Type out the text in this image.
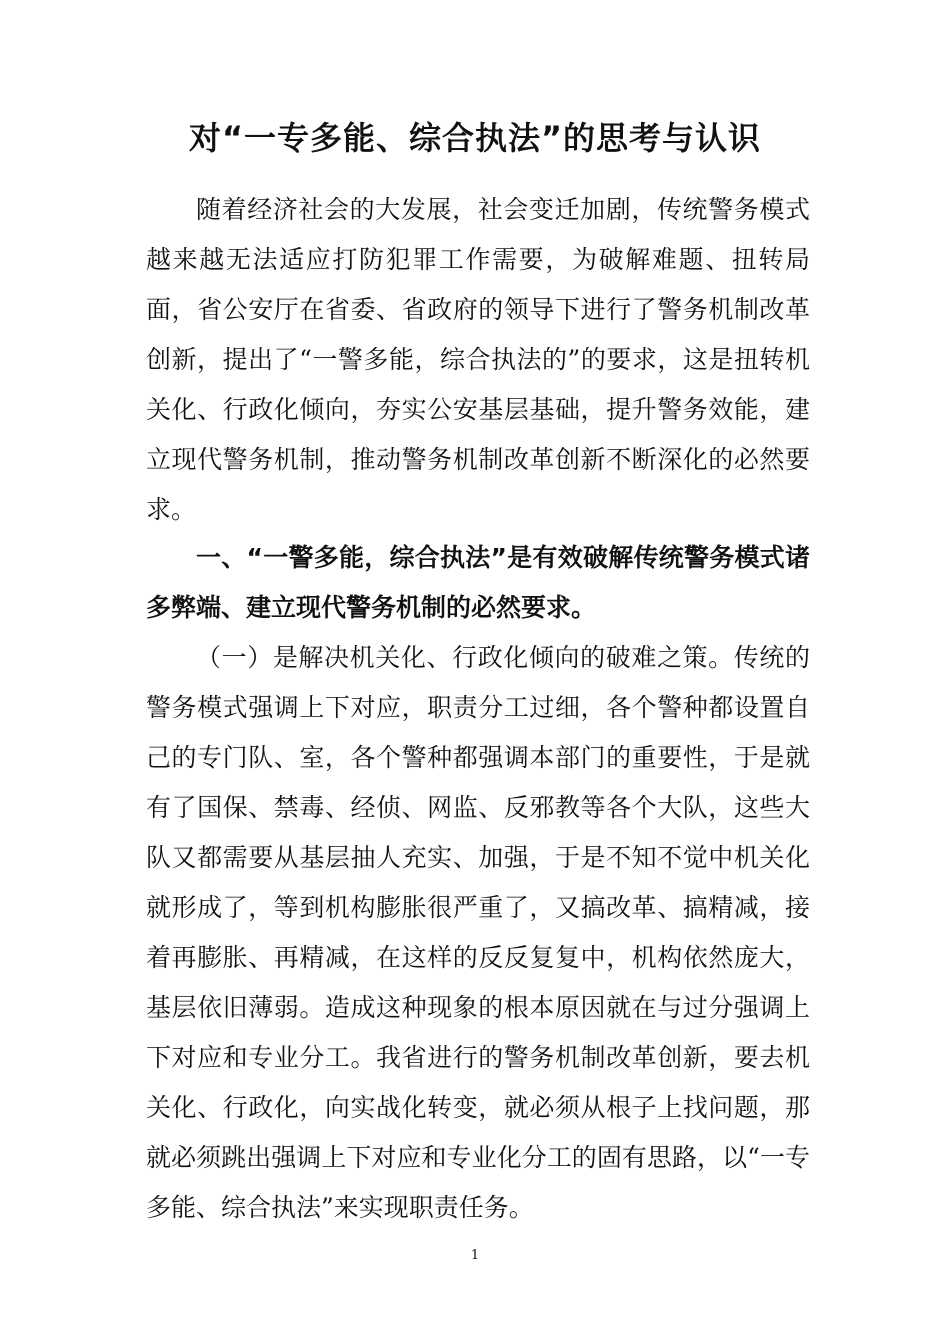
对“一专多能、综合执法”的思考与认识

随着经济社会的大发展，社会变迁加剧，传统警务模式越来越无法适应打防犯罪工作需要，为破解难题、扭转局面，省公安厅在省委、省政府的领导下进行了警务机制改革创新，提出了“一警多能，综合执法的”的要求，这是扭转机关化、行政化倾向，夯实公安基层基础，提升警务效能，建立现代警务机制，推动警务机制改革创新不断深化的必然要求。

一、“一警多能，综合执法”是有效破解传统警务模式诸多弊端、建立现代警务机制的必然要求。

（一）是解决机关化、行政化倾向的破难之策。传统的警务模式强调上下对应，职责分工过细，各个警种都设置自己的专门队、室，各个警种都强调本部门的重要性，于是就有了国保、禁毒、经侦、网监、反邪教等各个大队，这些大队又都需要从基层抽人充实、加强，于是不知不觉中机关化就形成了，等到机构膨胀很严重了，又搞改革、搞精减，接着再膨胀、再精减，在这样的反反复复中，机构依然庞大，基层依旧薄弱。造成这种现象的根本原因就在与过分强调上下对应和专业分工。我省进行的警务机制改革创新，要去机关化、行政化，向实战化转变，就必须从根子上找问题，那就必须跳出强调上下对应和专业化分工的固有思路，以“一专多能、综合执法”来实现职责任务。

1
